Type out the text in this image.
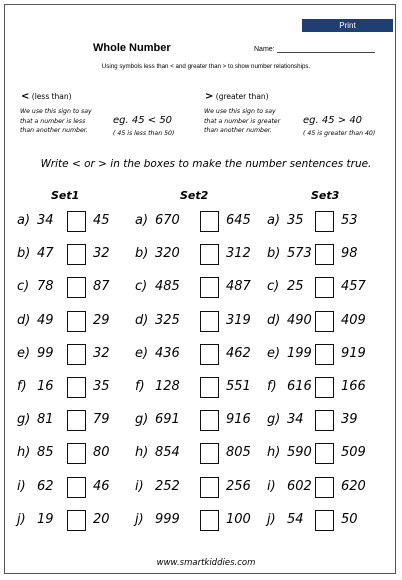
Print
Whole Number	Name:
Using symbols less than < and greater than > to show number relationships.
< (less than)
We use this sign to say
that a number is less
than another number.
eg. 45 < 50
( 45 is less than 50)
> (greater than)
We use this sign to say
that a number is greater
than another number.
eg. 45 > 40
( 45 is greater than 40)
Write < or > in the boxes to make the number sentences true.
Set1	Set2	Set3
a) 34	45
b) 47	32
c) 78	87
d) 49	29
e) 99	32
f) 16	35
g) 81	79
h) 85	80
i) 62	46
j) 19	20
a) 670	645
b) 320	312
c) 485	487
d) 325	319
e) 436	462
f) 128	551
g) 691	916
h) 854	805
i) 252	256
j) 999	100
a) 35	53
b) 573 98
c) 25	457
d) 490 409
e) 199 919
f) 616 166
g) 34	39
h) 590 509
i) 602 620
j) 54	50
www.smartkiddies.com
